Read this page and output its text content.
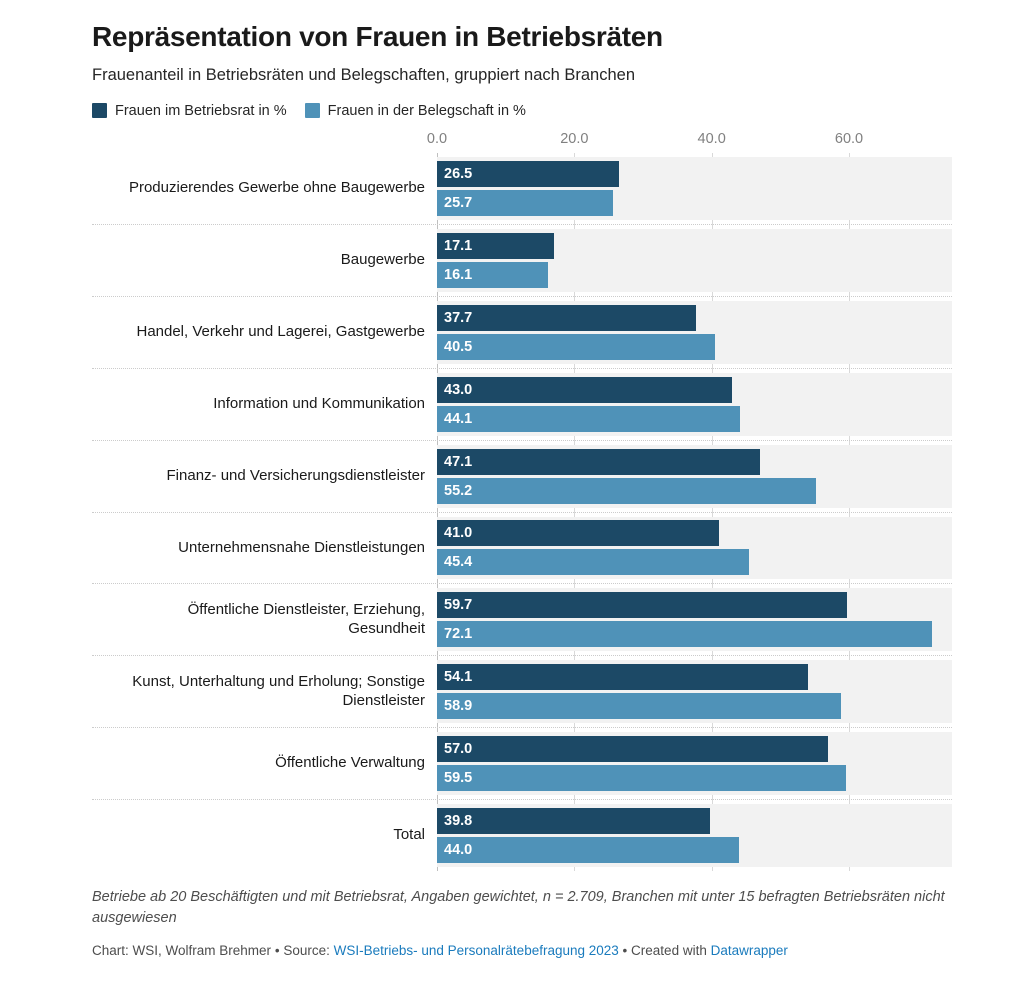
Repräsentation von Frauen in Betriebsräten

Frauenanteil in Betriebsräten und Belegschaften, gruppiert nach Branchen

Frauen im Betriebsrat in %	Frauen in der Belegschaft in %
0.0	20.0	40.0	60.0
Produzierendes Gewerbe ohne Baugewerbe
26.5
25.7
Baugewerbe
17.1
16.1
Handel, Verkehr und Lagerei, Gastgewerbe
37.7
40.5
Information und Kommunikation
43.0
44.1
Finanz- und Versicherungsdienstleister
47.1
55.2
Unternehmensnahe Dienstleistungen
41.0
45.4
Öffentliche Dienstleister, Erziehung,
Gesundheit
59.7
72.1
Kunst, Unterhaltung und Erholung; Sonstige
Dienstleister
54.1
58.9
Öffentliche Verwaltung
57.0
59.5
Total
39.8
44.0

Betriebe ab 20 Beschäftigten und mit Betriebsrat, Angaben gewichtet, n = 2.709, Branchen mit unter 15 befragten Betriebsräten nicht ausgewiesen

Chart: WSI, Wolfram Brehmer • Source: WSI-Betriebs- und Personalrätebefragung 2023 • Created with Datawrapper
